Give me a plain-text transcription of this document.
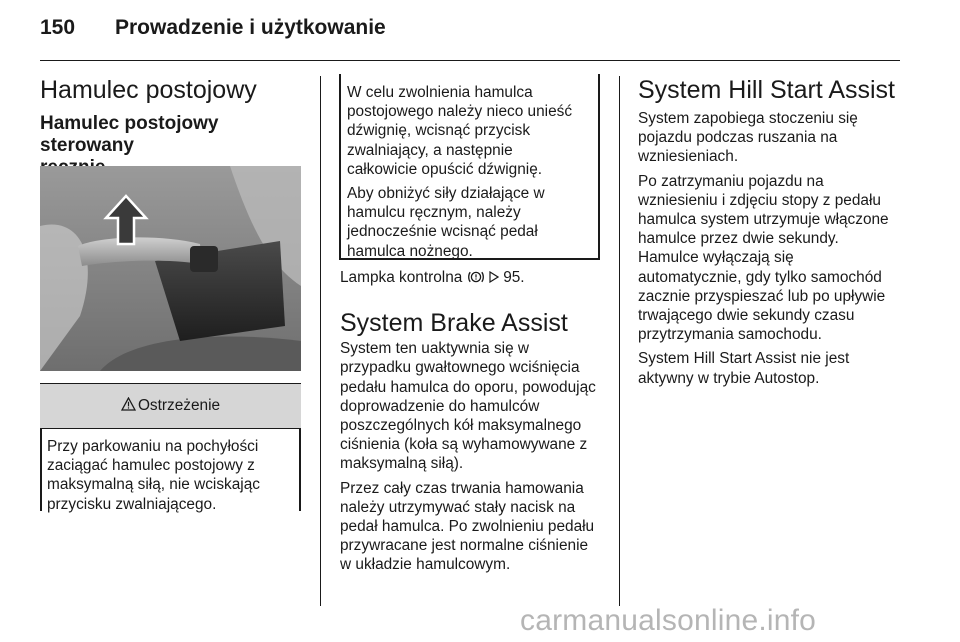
150 Prowadzenie i użytkowanie
Hamulec postojowy
Hamulec postojowy sterowany
Ostrzeżenie

Przy parkowaniu na pochyłości

zaciągać hamulec postojowy z

maksymalną siłą, nie wciskając

przycisku zwalniającego.

W celu zwolnienia hamulca

postojowego należy nieco unieść

dźwignię, wcisnąć przycisk

zwalniający, a następnie

całkowicie opuścić dźwignię.

Aby obniżyć siły działające w

hamulcu ręcznym, należy

jednocześnie wcisnąć pedał

hamulca nożnego.

Lampka kontrolna	95.

System Brake Assist

System ten uaktywnia się w

przypadku gwałtownego wciśnięcia

pedału hamulca do oporu, powodując

doprowadzenie do hamulców

poszczególnych kół maksymalnego

ciśnienia (koła są wyhamowywane z

maksymalną siłą).

Przez cały czas trwania hamowania

należy utrzymywać stały nacisk na

pedał hamulca. Po zwolnieniu pedału

przywracane jest normalne ciśnienie

w układzie hamulcowym.

System Hill Start Assist

System zapobiega stoczeniu się

pojazdu podczas ruszania na

wzniesieniach.

Po zatrzymaniu pojazdu na

wzniesieniu i zdjęciu stopy z pedału

hamulca system utrzymuje włączone

hamulce przez dwie sekundy.

Hamulce wyłączają się

automatycznie, gdy tylko samochód

zacznie przyspieszać lub po upływie

trwającego dwie sekundy czasu

przytrzymania samochodu.

System Hill Start Assist nie jest

aktywny w trybie Autostop.

carmanualsonline.info
